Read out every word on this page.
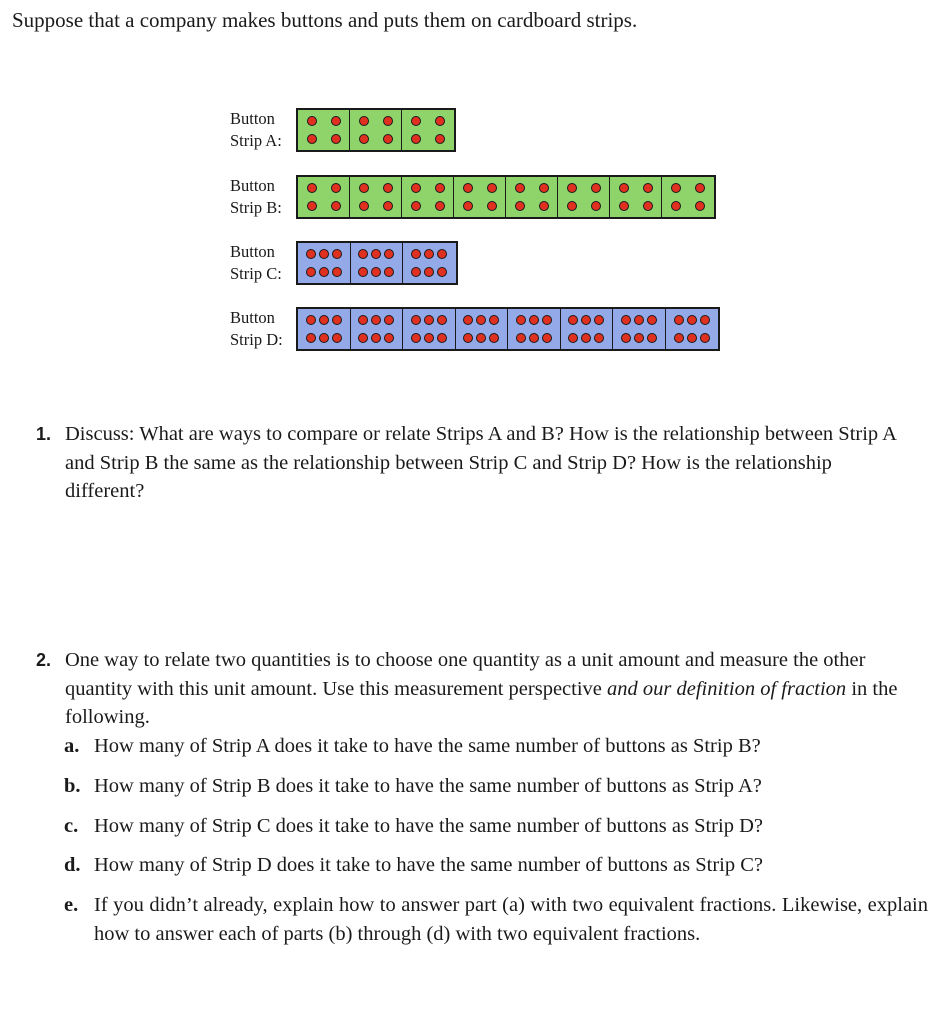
Suppose that a company makes buttons and puts them on cardboard strips.
Button
Strip A:
Button
Strip B:
Button
Strip C:
Button
Strip D:
1. Discuss: What are ways to compare or relate Strips A and B? How is the relationship between Strip A and Strip B the same as the relationship between Strip C and Strip D? How is the relationship different?
2. One way to relate two quantities is to choose one quantity as a unit amount and measure the other quantity with this unit amount. Use this measurement perspective and our definition of fraction in the following.
a. How many of Strip A does it take to have the same number of buttons as Strip B?
b. How many of Strip B does it take to have the same number of buttons as Strip A?
c. How many of Strip C does it take to have the same number of buttons as Strip D?
d. How many of Strip D does it take to have the same number of buttons as Strip C?
e. If you didn’t already, explain how to answer part (a) with two equivalent fractions. Likewise, explain how to answer each of parts (b) through (d) with two equivalent fractions.
